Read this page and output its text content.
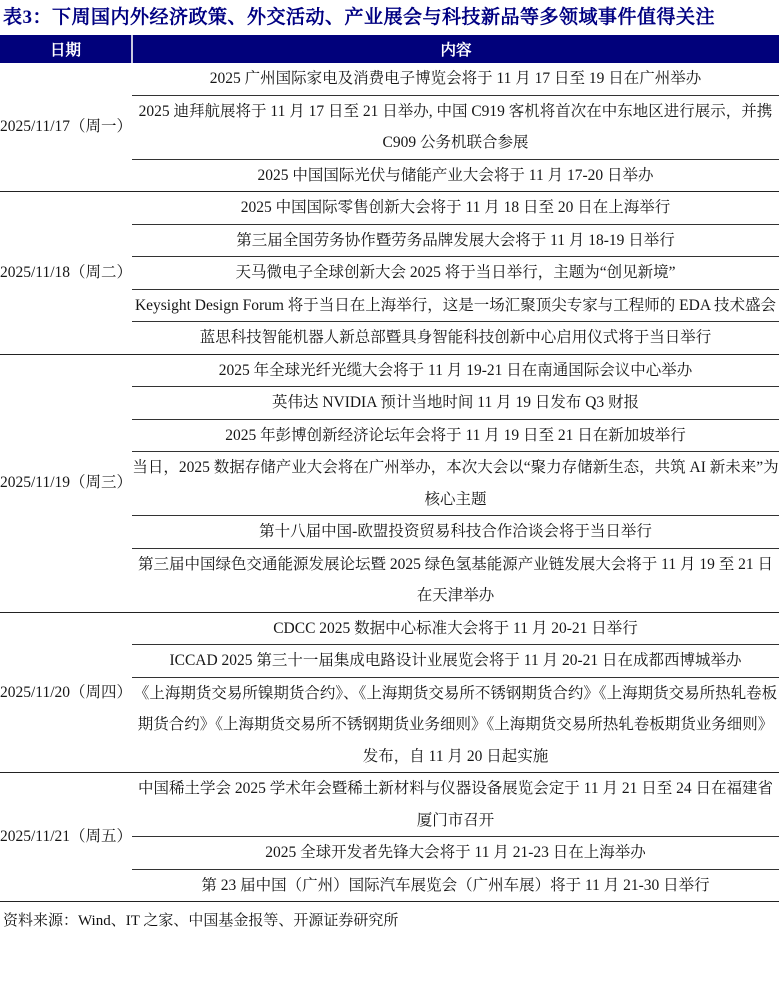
表3：下周国内外经济政策、外交活动、产业展会与科技新品等多领域事件值得关注
日期	内容
2025/11/17（周一）	2025 广州国际家电及消费电子博览会将于 11 月 17 日至 19 日在广州举办
	2025 迪拜航展将于 11 月 17 日至 21 日举办, 中国 C919 客机将首次在中东地区进行展示，并携 C909 公务机联合参展
	2025 中国国际光伏与储能产业大会将于 11 月 17-20 日举办
2025/11/18（周二）	2025 中国国际零售创新大会将于 11 月 18 日至 20 日在上海举行
	第三届全国劳务协作暨劳务品牌发展大会将于 11 月 18-19 日举行
	天马微电子全球创新大会 2025 将于当日举行，主题为“创见新境”
	Keysight Design Forum 将于当日在上海举行，这是一场汇聚顶尖专家与工程师的 EDA 技术盛会
	蓝思科技智能机器人新总部暨具身智能科技创新中心启用仪式将于当日举行
2025/11/19（周三）	2025 年全球光纤光缆大会将于 11 月 19-21 日在南通国际会议中心举办
	英伟达 NVIDIA 预计当地时间 11 月 19 日发布 Q3 财报
	2025 年彭博创新经济论坛年会将于 11 月 19 日至 21 日在新加坡举行
	当日，2025 数据存储产业大会将在广州举办，本次大会以“聚力存储新生态，共筑 AI 新未来”为核心主题
	第十八届中国-欧盟投资贸易科技合作洽谈会将于当日举行
	第三届中国绿色交通能源发展论坛暨 2025 绿色氢基能源产业链发展大会将于 11 月 19 至 21 日在天津举办
2025/11/20（周四）	CDCC 2025 数据中心标准大会将于 11 月 20-21 日举行
	ICCAD 2025 第三十一届集成电路设计业展览会将于 11 月 20-21 日在成都西博城举办
	《上海期货交易所镍期货合约》、《上海期货交易所不锈钢期货合约》《上海期货交易所热轧卷板期货合约》《上海期货交易所不锈钢期货业务细则》《上海期货交易所热轧卷板期货业务细则》发布，自 11 月 20 日起实施
2025/11/21（周五）	中国稀土学会 2025 学术年会暨稀土新材料与仪器设备展览会定于 11 月 21 日至 24 日在福建省厦门市召开
	2025 全球开发者先锋大会将于 11 月 21-23 日在上海举办
	第 23 届中国（广州）国际汽车展览会（广州车展）将于 11 月 21-30 日举行
资料来源：Wind、IT 之家、中国基金报等、开源证券研究所
